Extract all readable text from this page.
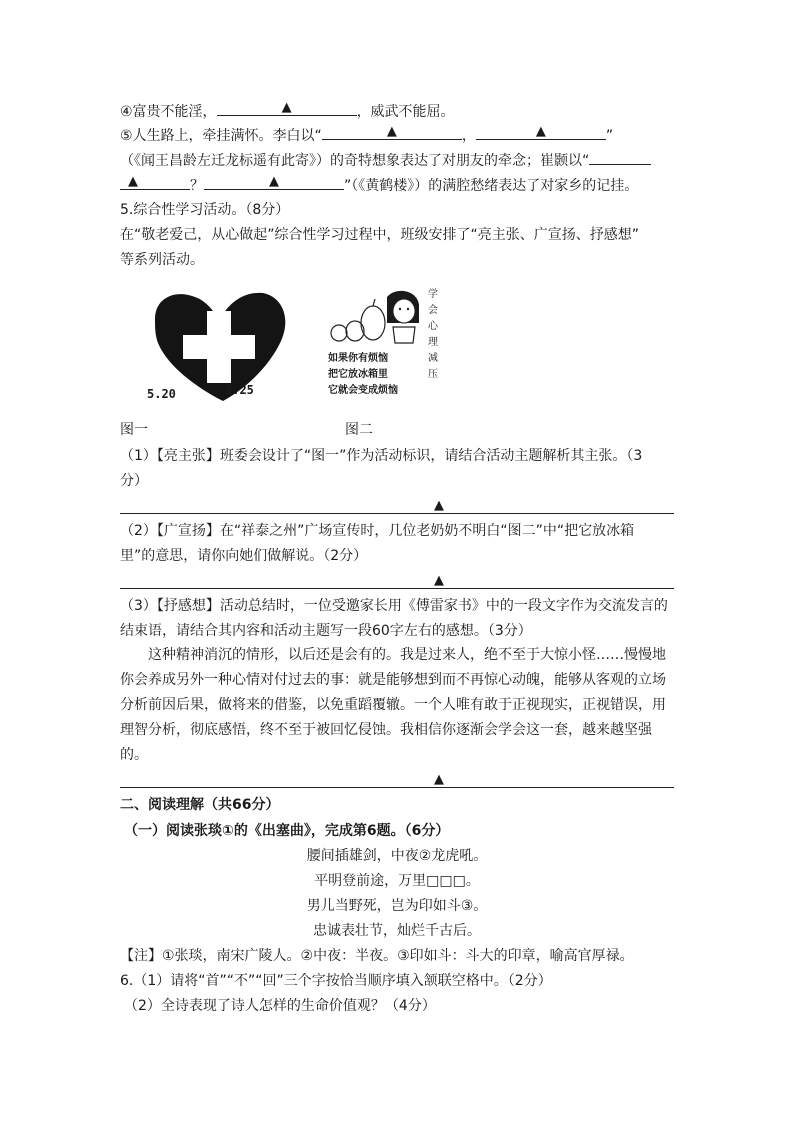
④富贵不能淫，	▲	，威武不能屈。
⑤人生路上，牵挂满怀。李白以“	▲	，	▲	”
（《闻王昌龄左迁龙标遥有此寄》）的奇特想象表达了对朋友的牵念；崔颢以“
▲	？	▲	”（《黄鹤楼》）的满腔愁绪表达了对家乡的记挂。
5.综合性学习活动。（8分）
在“敬老爱己，从心做起”综合性学习过程中，班级安排了“亮主张、广宣扬、抒感想”
等系列活动。
5.20	5.25
如果你有烦恼
把它放冰箱里
它就会变成烦恼
学
会
心
理
减
压
图一	图二
（1）【亮主张】班委会设计了“图一”作为活动标识，请结合活动主题解析其主张。（3
分）
▲
（2）【广宣扬】在“祥泰之州”广场宣传时，几位老奶奶不明白“图二”中“把它放冰箱
里”的意思，请你向她们做解说。（2分）
▲
（3）【抒感想】活动总结时，一位受邀家长用《傅雷家书》中的一段文字作为交流发言的
结束语，请结合其内容和活动主题写一段60字左右的感想。（3分）
这种精神消沉的情形，以后还是会有的。我是过来人，绝不至于大惊小怪……慢慢地你会养成另外一种心情对付过去的事：就是能够想到而不再惊心动魄，能够从客观的立场分析前因后果，做将来的借鉴，以免重蹈覆辙。一个人唯有敢于正视现实，正视错误，用理智分析，彻底感悟，终不至于被回忆侵蚀。我相信你逐渐会学会这一套，越来越坚强的。
▲
二、阅读理解（共66分）
（一）阅读张琰①的《出塞曲》，完成第6题。（6分）
腰间插雄剑，中夜②龙虎吼。
平明登前途，万里□□□。
男儿当野死，岂为印如斗③。
忠诚表壮节，灿烂千古后。
【注】①张琰，南宋广陵人。②中夜：半夜。③印如斗：斗大的印章，喻高官厚禄。
6.（1）请将“首”“不”“回”三个字按恰当顺序填入颔联空格中。（2分）
（2）全诗表现了诗人怎样的生命价值观？（4分）
